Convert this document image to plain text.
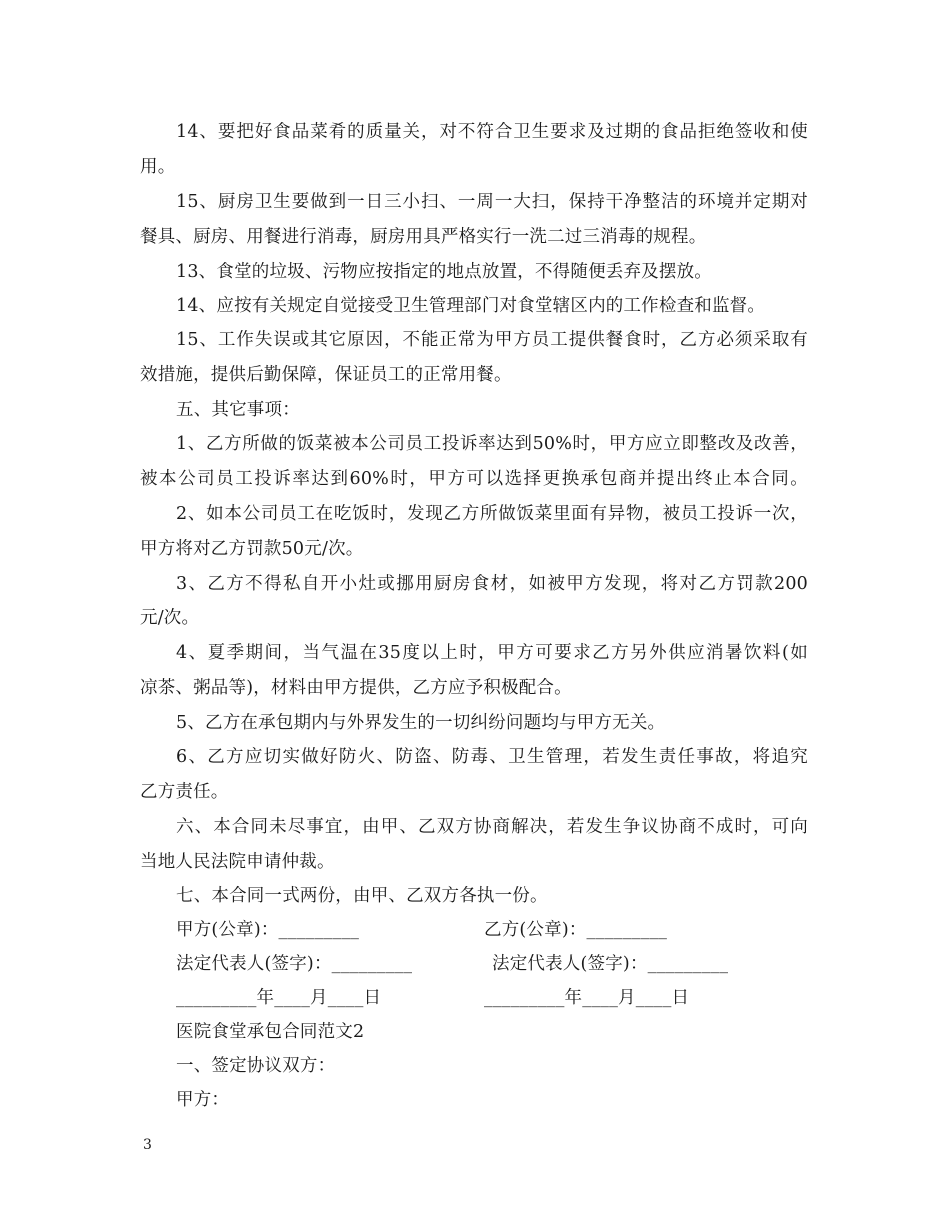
14、要把好食品菜肴的质量关，对不符合卫生要求及过期的食品拒绝签收和使
用。
15、厨房卫生要做到一日三小扫、一周一大扫，保持干净整洁的环境并定期对
餐具、厨房、用餐进行消毒，厨房用具严格实行一洗二过三消毒的规程。
13、食堂的垃圾、污物应按指定的地点放置，不得随便丢弃及摆放。
14、应按有关规定自觉接受卫生管理部门对食堂辖区内的工作检查和监督。
15、工作失误或其它原因，不能正常为甲方员工提供餐食时，乙方必须采取有
效措施，提供后勤保障，保证员工的正常用餐。
五、其它事项：
1、乙方所做的饭菜被本公司员工投诉率达到50%时，甲方应立即整改及改善，
被本公司员工投诉率达到60%时，甲方可以选择更换承包商并提出终止本合同。
2、如本公司员工在吃饭时，发现乙方所做饭菜里面有异物，被员工投诉一次，
甲方将对乙方罚款50元/次。
3、乙方不得私自开小灶或挪用厨房食材，如被甲方发现，将对乙方罚款200
元/次。
4、夏季期间，当气温在35度以上时，甲方可要求乙方另外供应消暑饮料(如
凉茶、粥品等)，材料由甲方提供，乙方应予积极配合。
5、乙方在承包期内与外界发生的一切纠纷问题均与甲方无关。
6、乙方应切实做好防火、防盗、防毒、卫生管理，若发生责任事故，将追究
乙方责任。
六、本合同未尽事宜，由甲、乙双方协商解决，若发生争议协商不成时，可向
当地人民法院申请仲裁。
七、本合同一式两份，由甲、乙双方各执一份。
甲方(公章)：_________	乙方(公章)：_________
法定代表人(签字)：_________	法定代表人(签字)：_________
_________年____月____日	_________年____月____日
医院食堂承包合同范文2
一、签定协议双方：
甲方：
3
